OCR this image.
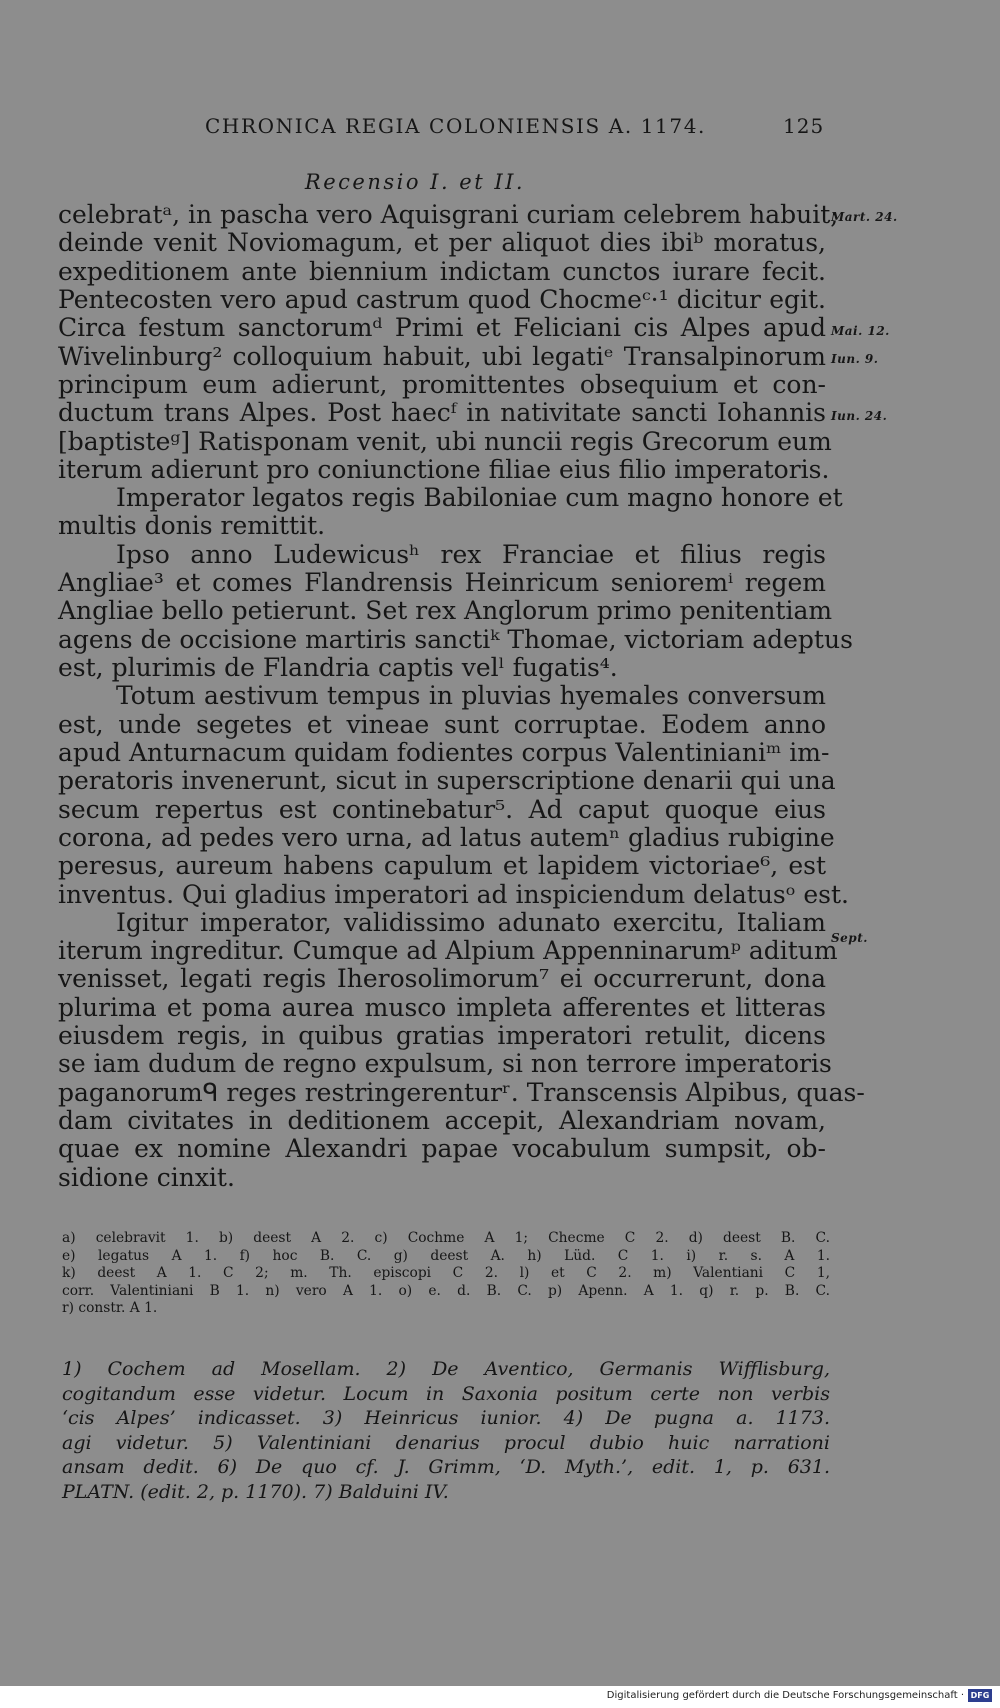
CHRONICA REGIA COLONIENSIS A. 1174.	125
Recensio I. et II.
celebratᵃ, in pascha vero Aquisgrani curiam celebrem habuit;
deinde venit Noviomagum, et per aliquot dies ibiᵇ moratus,
expeditionem ante biennium indictam cunctos iurare fecit.
Pentecosten vero apud castrum quod Chocmeᶜ·¹ dicitur egit.
Circa festum sanctorumᵈ Primi et Feliciani cis Alpes apud
Wivelinburg² colloquium habuit, ubi legatiᵉ Transalpinorum
principum eum adierunt, promittentes obsequium et con-
ductum trans Alpes. Post haecᶠ in nativitate sancti Iohannis
[baptisteᵍ] Ratisponam venit, ubi nuncii regis Grecorum eum
iterum adierunt pro coniunctione filiae eius filio imperatoris.
Imperator legatos regis Babiloniae cum magno honore et
multis donis remittit.
Ipso anno Ludewicusʰ rex Franciae et filius regis
Angliae³ et comes Flandrensis Heinricum senioremⁱ regem
Angliae bello petierunt. Set rex Anglorum primo penitentiam
agens de occisione martiris sanctiᵏ Thomae, victoriam adeptus
est, plurimis de Flandria captis velˡ fugatis⁴.
Totum aestivum tempus in pluvias hyemales conversum
est, unde segetes et vineae sunt corruptae. Eodem anno
apud Anturnacum quidam fodientes corpus Valentinianiᵐ im-
peratoris invenerunt, sicut in superscriptione denarii qui una
secum repertus est continebatur⁵. Ad caput quoque eius
corona, ad pedes vero urna, ad latus autemⁿ gladius rubigine
peresus, aureum habens capulum et lapidem victoriae⁶, est
inventus. Qui gladius imperatori ad inspiciendum delatusᵒ est.
Igitur imperator, validissimo adunato exercitu, Italiam
iterum ingreditur. Cumque ad Alpium Appenninarumᵖ aditum
venisset, legati regis Iherosolimorum⁷ ei occurrerunt, dona
plurima et poma aurea musco impleta afferentes et litteras
eiusdem regis, in quibus gratias imperatori retulit, dicens
se iam dudum de regno expulsum, si non terrore imperatoris
paganorumᑫ reges restringerenturʳ. Transcensis Alpibus, quas-
dam civitates in deditionem accepit, Alexandriam novam,
quae ex nomine Alexandri papae vocabulum sumpsit, ob-
sidione cinxit.
Mart. 24.
Mai. 12.
Iun. 9.
Iun. 24.
Sept.
a) celebravit 1. b) deest A 2. c) Cochme A 1; Checme C 2. d) deest B. C.
e) legatus A 1. f) hoc B. C. g) deest A. h) Lüd. C 1. i) r. s. A 1.
k) deest A 1. C 2; m. Th. episcopi C 2. l) et C 2. m) Valentiani C 1,
corr. Valentiniani B 1. n) vero A 1. o) e. d. B. C. p) Apenn. A 1. q) r. p. B. C.
r) constr. A 1.
1) Cochem ad Mosellam. 2) De Aventico, Germanis Wifflisburg,
cogitandum esse videtur. Locum in Saxonia positum certe non verbis
‘cis Alpes’ indicasset. 3) Heinricus iunior. 4) De pugna a. 1173.
agi videtur. 5) Valentiniani denarius procul dubio huic narrationi
ansam dedit. 6) De quo cf. J. Grimm, ‘D. Myth.’, edit. 1, p. 631.
PLATN. (edit. 2, p. 1170). 7) Balduini IV.
Digitalisierung gefördert durch die Deutsche Forschungsgemeinschaft · DFG
